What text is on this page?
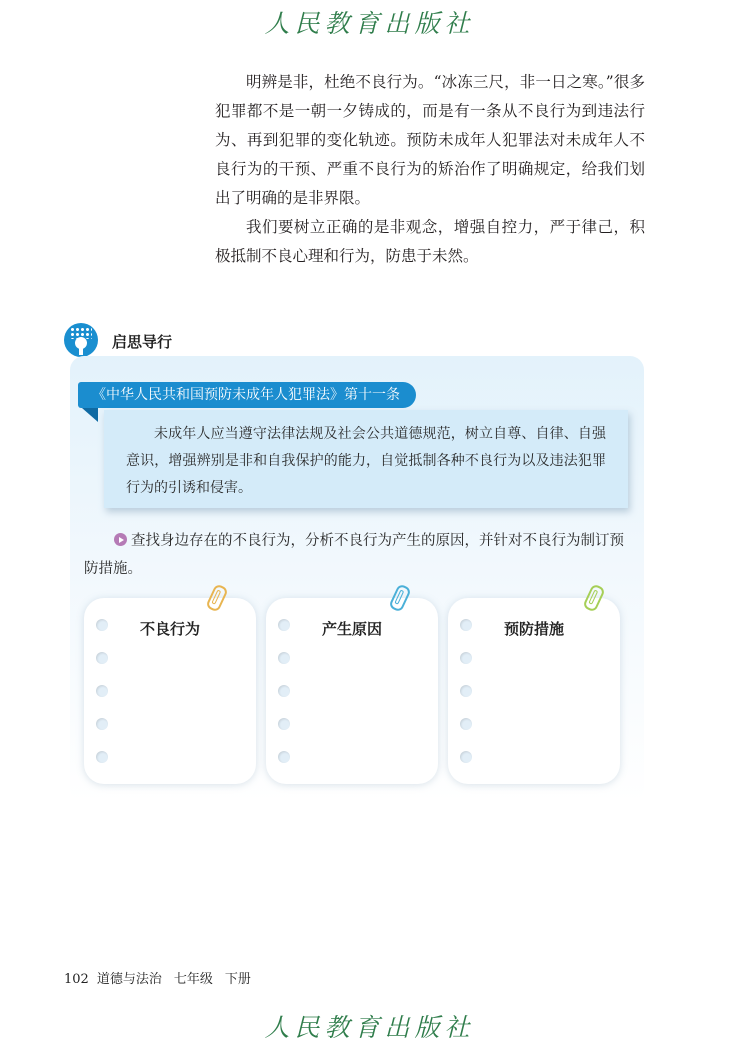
人民教育出版社

明辨是非，杜绝不良行为。“冰冻三尺，非一日之寒。”很多犯罪都不是一朝一夕铸成的，而是有一条从不良行为到违法行为、再到犯罪的变化轨迹。预防未成年人犯罪法对未成年人不良行为的干预、严重不良行为的矫治作了明确规定，给我们划出了明确的是非界限。

我们要树立正确的是非观念，增强自控力，严于律己，积极抵制不良心理和行为，防患于未然。

启思导行
《中华人民共和国预防未成年人犯罪法》第十一条

未成年人应当遵守法律法规及社会公共道德规范，树立自尊、自律、自强意识，增强辨别是非和自我保护的能力，自觉抵制各种不良行为以及违法犯罪行为的引诱和侵害。

查找身边存在的不良行为，分析不良行为产生的原因，并针对不良行为制订预防措施。
不良行为	产生原因	预防措施
102 道德与法治 七年级 下册
人民教育出版社
